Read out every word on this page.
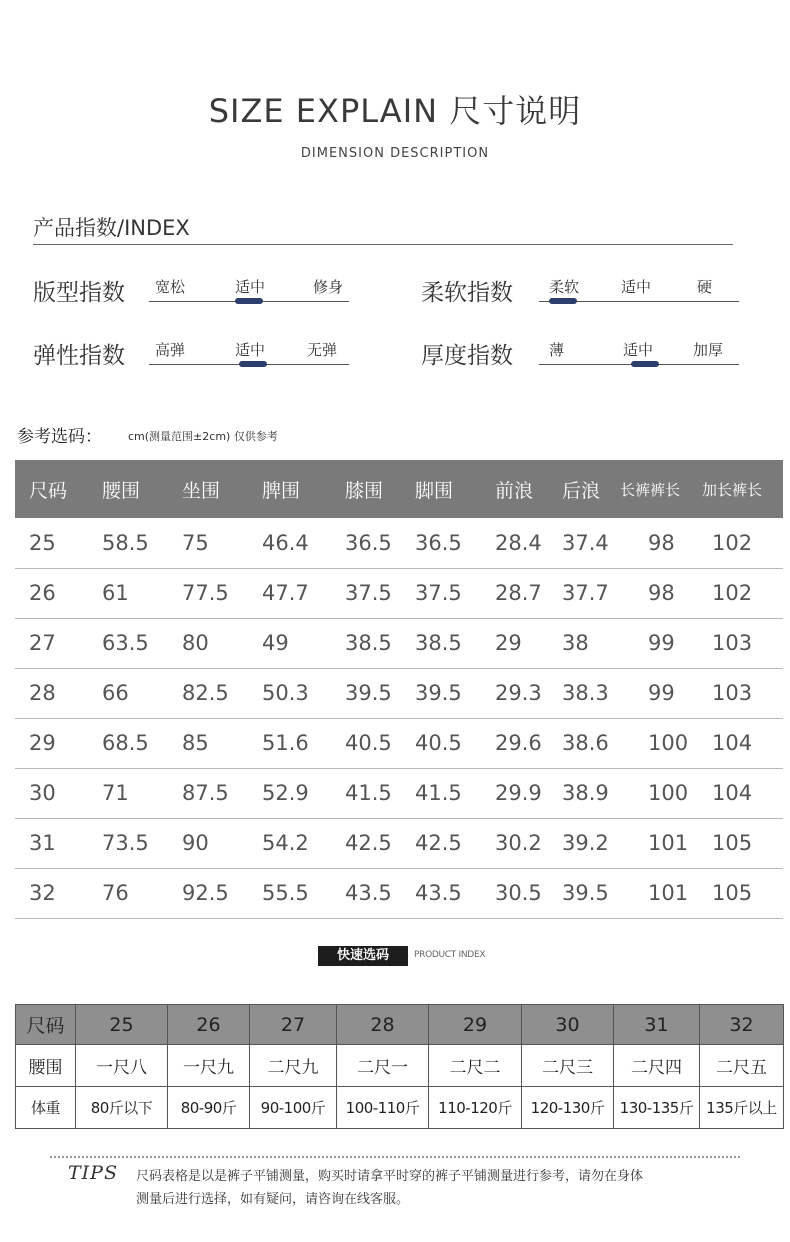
SIZE EXPLAIN 尺寸说明
DIMENSION DESCRIPTION
产品指数/INDEX
版型指数 宽松	适中	修身	柔软指数 柔软	适中	硬
弹性指数 高弹	适中	无弹	厚度指数 薄	适中	加厚
参考选码： cm(测量范围±2cm) 仅供参考
尺码	腰围	坐围	脾围	膝围	脚围	前浪	后浪	长裤裤长	加长裤长
25	58.5	75	46.4	36.5	36.5	28.4	37.4	98	102
26	61	77.5	47.7	37.5	37.5	28.7	37.7	98	102
27	63.5	80	49	38.5	38.5	29	38	99	103
28	66	82.5	50.3	39.5	39.5	29.3	38.3	99	103
29	68.5	85	51.6	40.5	40.5	29.6	38.6	100	104
30	71	87.5	52.9	41.5	41.5	29.9	38.9	100	104
31	73.5	90	54.2	42.5	42.5	30.2	39.2	101	105
32	76	92.5	55.5	43.5	43.5	30.5	39.5	101	105
快速选码	PRODUCT INDEX
尺码	25	26	27	28	29	30	31	32
腰围	一尺八	一尺九	二尺九	二尺一	二尺二	二尺三	二尺四	二尺五
体重	80斤以下	80-90斤	90-100斤	100-110斤	110-120斤	120-130斤	130-135斤	135斤以上
TIPS 尺码表格是以是裤子平铺测量，购买时请拿平时穿的裤子平铺测量进行参考，请勿在身体
测量后进行选择，如有疑问，请咨询在线客服。
